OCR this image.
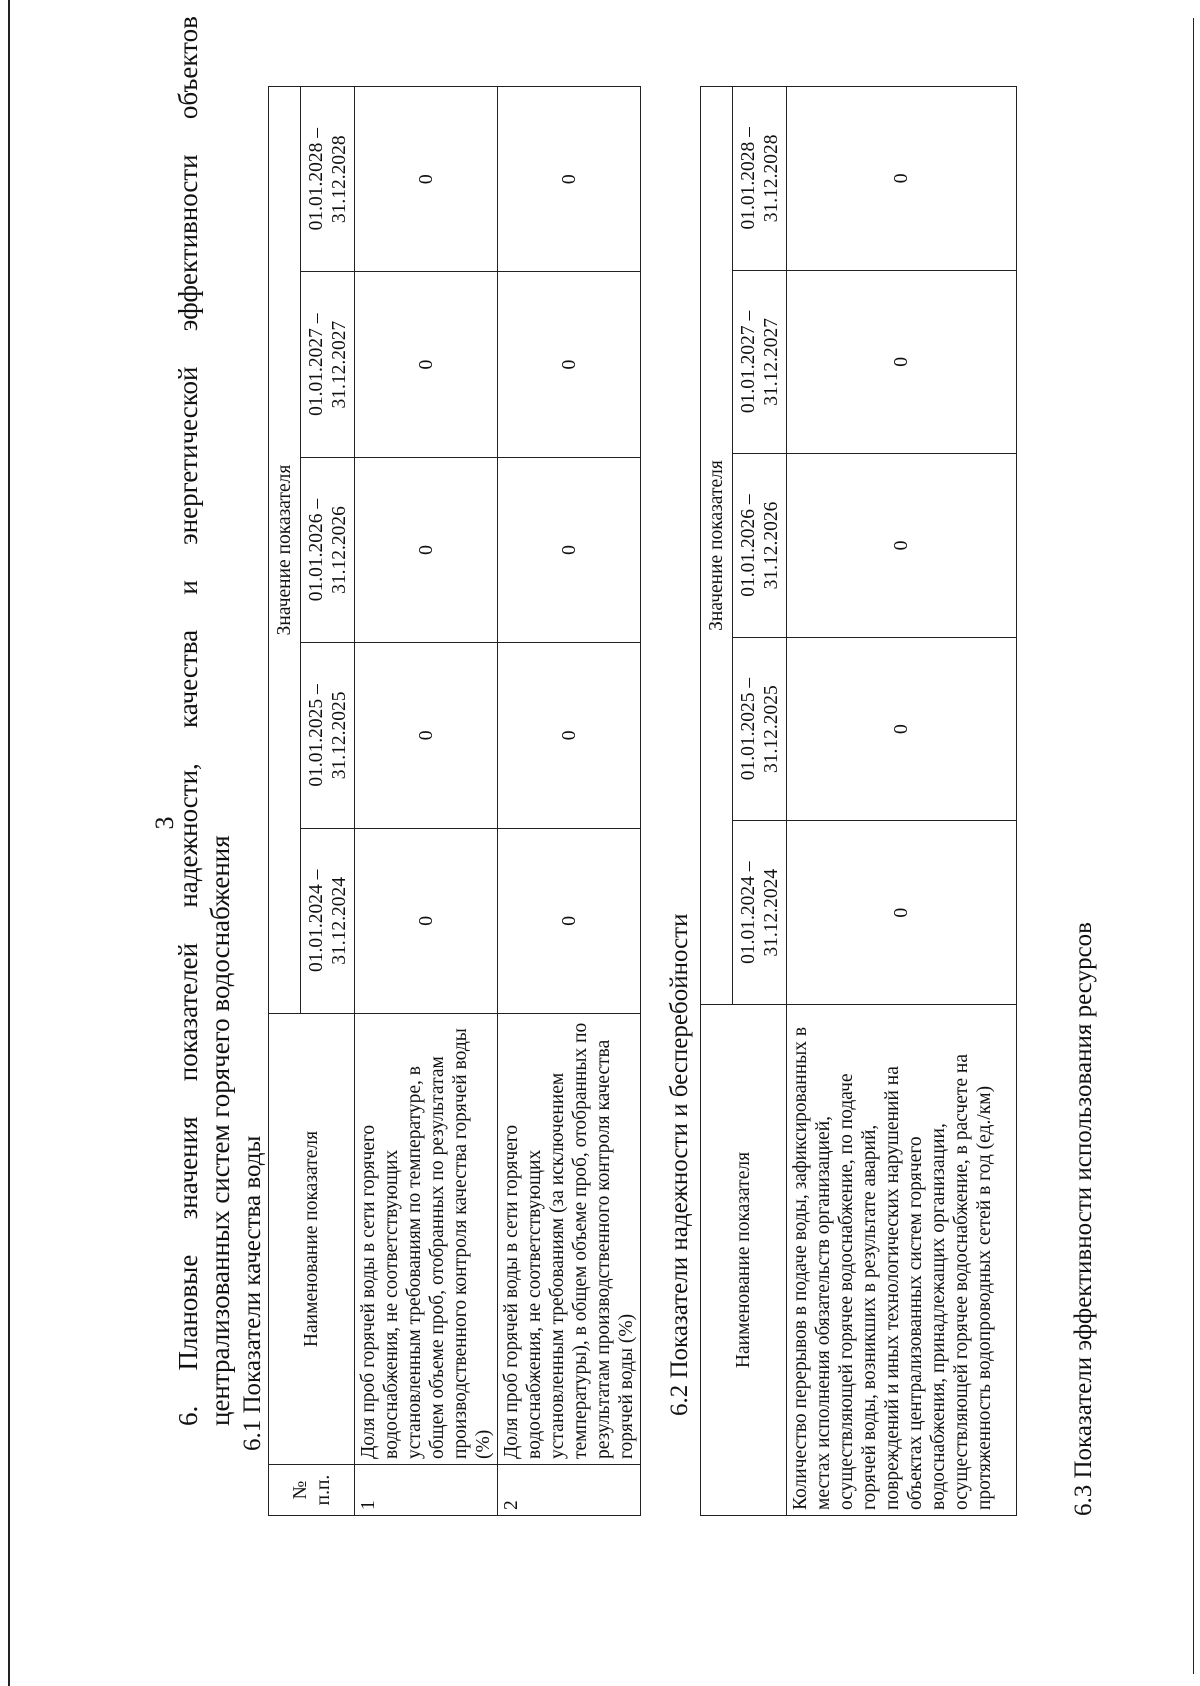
3
6.
Плановые
значения
показателей
надежности,
качества
и
энергетической
эффективности
объектов
централизованных систем горячего водоснабжения 6.1 Показатели качества воды
№ п.п.	Наименование показателя	Значение показателя				
		01.01.2024 – 31.12.2024	01.01.2025 – 31.12.2025	01.01.2026 – 31.12.2026	01.01.2027 – 31.12.2027	01.01.2028 – 31.12.2028
1	Доля проб горячей воды в сети горячего водоснабжения, не соответствующих установленным требованиям по температуре, в общем объеме проб, отобранных по результатам производственного контроля качества горячей воды (%)	0	0	0	0	0
2	Доля проб горячей воды в сети горячего водоснабжения, не соответствующих установленным требованиям (за исключением температуры), в общем объеме проб, отобранных по результатам производственного контроля качества горячей воды (%)	0	0	0	0	0
6.2 Показатели надежности и бесперебойности Наименование показателя	Значение показателя				
	01.01.2024 – 31.12.2024	01.01.2025 – 31.12.2025	01.01.2026 – 31.12.2026	01.01.2027 – 31.12.2027	01.01.2028 – 31.12.2028
Количество перерывов в подаче воды, зафиксированных в местах исполнения обязательств организацией, осуществляющей горячее водоснабжение, по подаче горячей воды, возникших в результате аварий, повреждений и иных технологических нарушений на объектах централизованных систем горячего водоснабжения, принадлежащих организации, осуществляющей горячее водоснабжение, в расчете на протяженность водопроводных сетей в год (ед./км)	0	0	0	0	0
6.3 Показатели эффективности использования ресурсов
